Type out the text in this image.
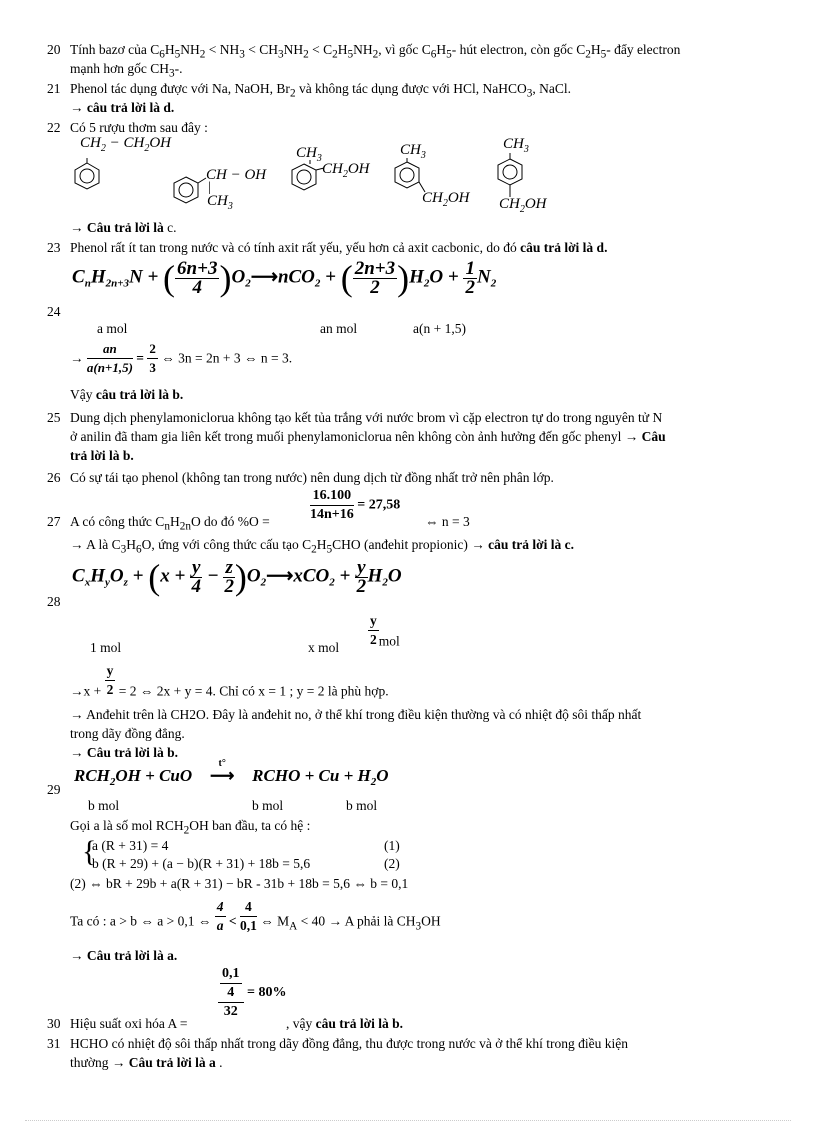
20 Tính bazơ của $C_6H_5NH_2 < NH_3 < CH_3NH_2 < C_2H_5NH_2$, vì gốc $C_6H_5-$ hút electron, còn gốc $C_2H_5-$ đẩy electron
mạnh hơn gốc $CH_3-$.
21 Phenol tác dụng được với Na, NaOH, $Br_2$ và không tác dụng được với HCl, NaHCO$_3$, NaCl.
→ câu trả lời là d.
22 Có 5 rượu thơm sau đây :
$CH_2 - CH_2OH$
CH − OH
$CH_3$
|
$CH_3$
$CH_2OH$
$CH_3$
$CH_2OH$
$CH_3$
$CH_2OH$
→ Câu trả lời là c.
23 Phenol rất ít tan trong nước và có tính axit rất yếu, yếu hơn cả axit cacbonic, do đó câu trả lời là d.
24
$C_nH_{2n+3}N$ + ( $\frac{6n+3}{4}$ )$O_2⟶nCO_2$ + ( $\frac{2n+3}{2} )H_2O + \frac{1}{2} N_2$
a mol	an mol	a(n + 1,5)
→ $\frac{an}{a(n+1,5)} = \frac{2}{3}$ ⇔ 3n = 2n + 3 ⇔ n = 3.
Vậy câu trả lời là b.
25 Dung dịch phenylamoniclorua không tạo kết tủa trắng với nước brom vì cặp electron tự do trong nguyên tử N
ở anilin đã tham gia liên kết trong muối phenylamoniclorua nên không còn ảnh hưởng đến gốc phenyl → Câu
trả lời là b.
26 Có sự tái tạo phenol (không tan trong nước) nên dung dịch từ đồng nhất trở nên phân lớp.
27 A có công thức $C_nH_{2n}O$ do đó %O =	$\frac{16.100}{14n+16} = 27,58$
⇔ n = 3
→ A là $C_3H_6O$, ứng với công thức cấu tạo $C_2H_5CHO$ (anđehit propionic) → câu trả lời là c.
28
$C_xH_yO_z + (x + \frac{y}{4} - \frac{z}{2}$ )$O_2⟶xCO_2 + \frac{y}{2} H_2O$
1 mol	x mol $\frac{y}{2}$ mol
$\to x + \frac{y}{2} = 2$ ⇔ 2x + y = 4. Chỉ có x = 1 ; y = 2 là phù hợp.
→ Anđehit trên là CH2O. Đây là anđehit no, ở thể khí trong điều kiện thường và có nhiệt độ sôi thấp nhất
trong dãy đồng đẳng.
→ Câu trả lời là b.
29
$RCH_2OH$ + CuO
t°
⟶ RCHO + $Cu + H_2O$
b mol	b mol	b mol
Gọi a là số mol $RCH_2OH$ ban đầu, ta có hệ :
{
a (R + 31) = 4	(1)
b (R + 29) + (a − b)(R + 31) + 18b = 5,6	(2)
(2) ⇔ bR + 29b + a(R + 31) − bR - 31b + 18b = 5,6 ⇔ b = 0,1
Ta có : a > b ⇔ a > 0,1 ⇔ $\frac{4}{a} < \frac{4}{0,1}$ ⇔ $M_A < 40 \to A$ phải là $CH_3OH$
→ Câu trả lời là a.
30 Hiệu suất oxi hóa A =
$\frac{\frac{0,1}{4}}{32} = 80\%$
, vậy câu trả lời là b.
31 HCHO có nhiệt độ sôi thấp nhất trong dãy đồng đẳng, thu được trong nước và ở thể khí trong điều kiện
thường → Câu trả lời là a .
